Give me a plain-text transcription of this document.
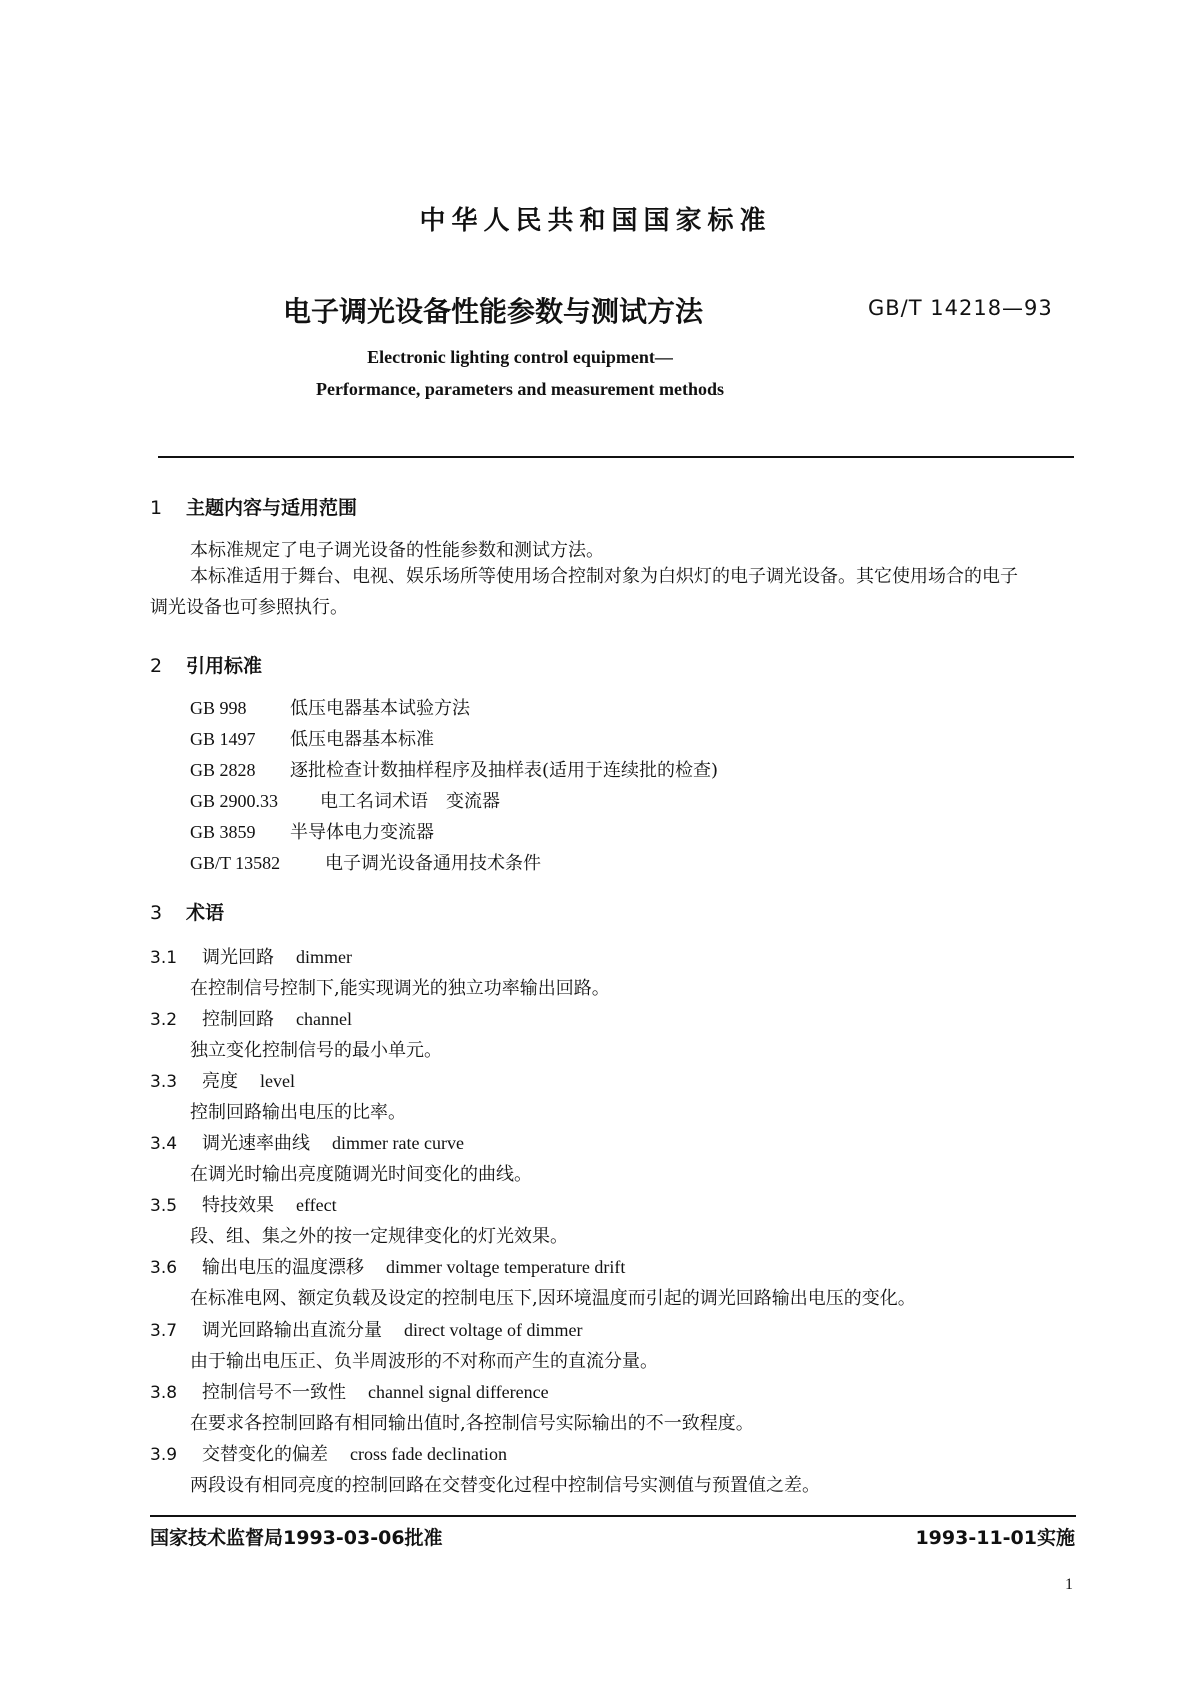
中华人民共和国国家标准
电子调光设备性能参数与测试方法	GB/T 14218—93
Electronic lighting control equipment—
Performance, parameters and measurement methods
1 主题内容与适用范围
本标准规定了电子调光设备的性能参数和测试方法。
本标准适用于舞台、电视、娱乐场所等使用场合控制对象为白炽灯的电子调光设备。其它使用场合的电子调光设备也可参照执行。
2 引用标准
GB 998 低压电器基本试验方法
GB 1497 低压电器基本标准
GB 2828 逐批检查计数抽样程序及抽样表(适用于连续批的检查)
GB 2900.33 电工名词术语　变流器
GB 3859 半导体电力变流器
GB/T 13582 电子调光设备通用技术条件
3 术语
3.1 调光回路 dimmer
在控制信号控制下,能实现调光的独立功率输出回路。
3.2 控制回路 channel
独立变化控制信号的最小单元。
3.3 亮度 level
控制回路输出电压的比率。
3.4 调光速率曲线 dimmer rate curve
在调光时输出亮度随调光时间变化的曲线。
3.5 特技效果 effect
段、组、集之外的按一定规律变化的灯光效果。
3.6 输出电压的温度漂移 dimmer voltage temperature drift
在标准电网、额定负载及设定的控制电压下,因环境温度而引起的调光回路输出电压的变化。
3.7 调光回路输出直流分量 direct voltage of dimmer
由于输出电压正、负半周波形的不对称而产生的直流分量。
3.8 控制信号不一致性 channel signal difference
在要求各控制回路有相同输出值时,各控制信号实际输出的不一致程度。
3.9 交替变化的偏差 cross fade declination
两段设有相同亮度的控制回路在交替变化过程中控制信号实测值与预置值之差。
国家技术监督局1993-03-06批准	1993-11-01实施
1
